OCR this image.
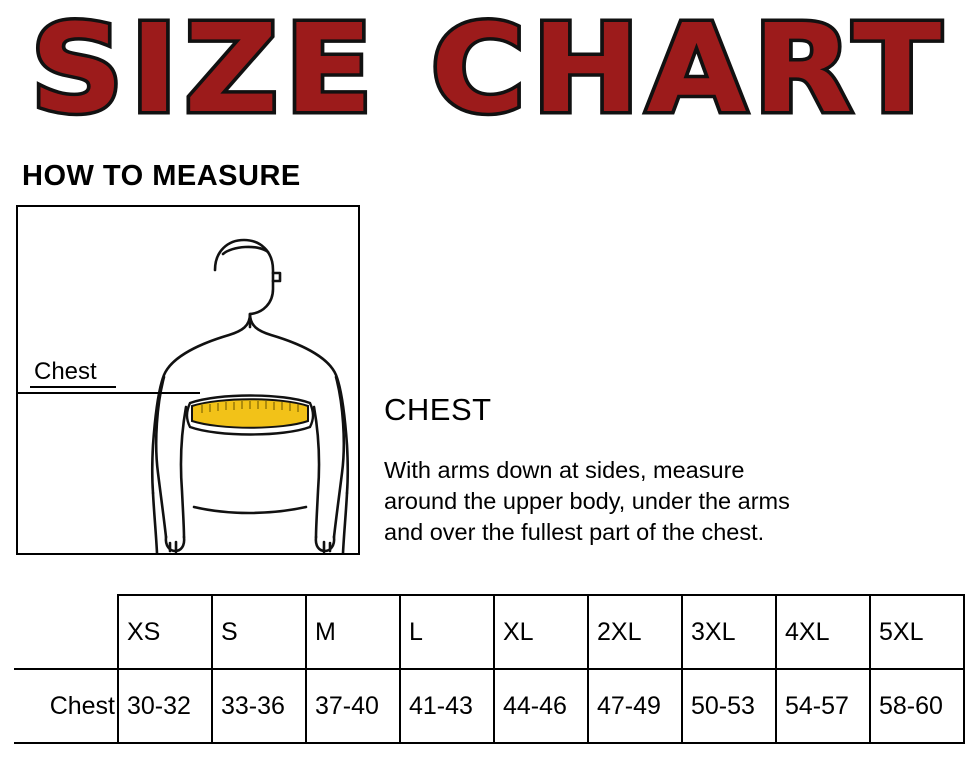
SIZE CHART
HOW TO MEASURE
Chest
CHEST
With arms down at sides, measure
around the upper body, under the arms
and over the fullest part of the chest.
	XS	S	M	L	XL	2XL	3XL	4XL	5XL
Chest	30-32	33-36	37-40	41-43	44-46	47-49	50-53	54-57	58-60
